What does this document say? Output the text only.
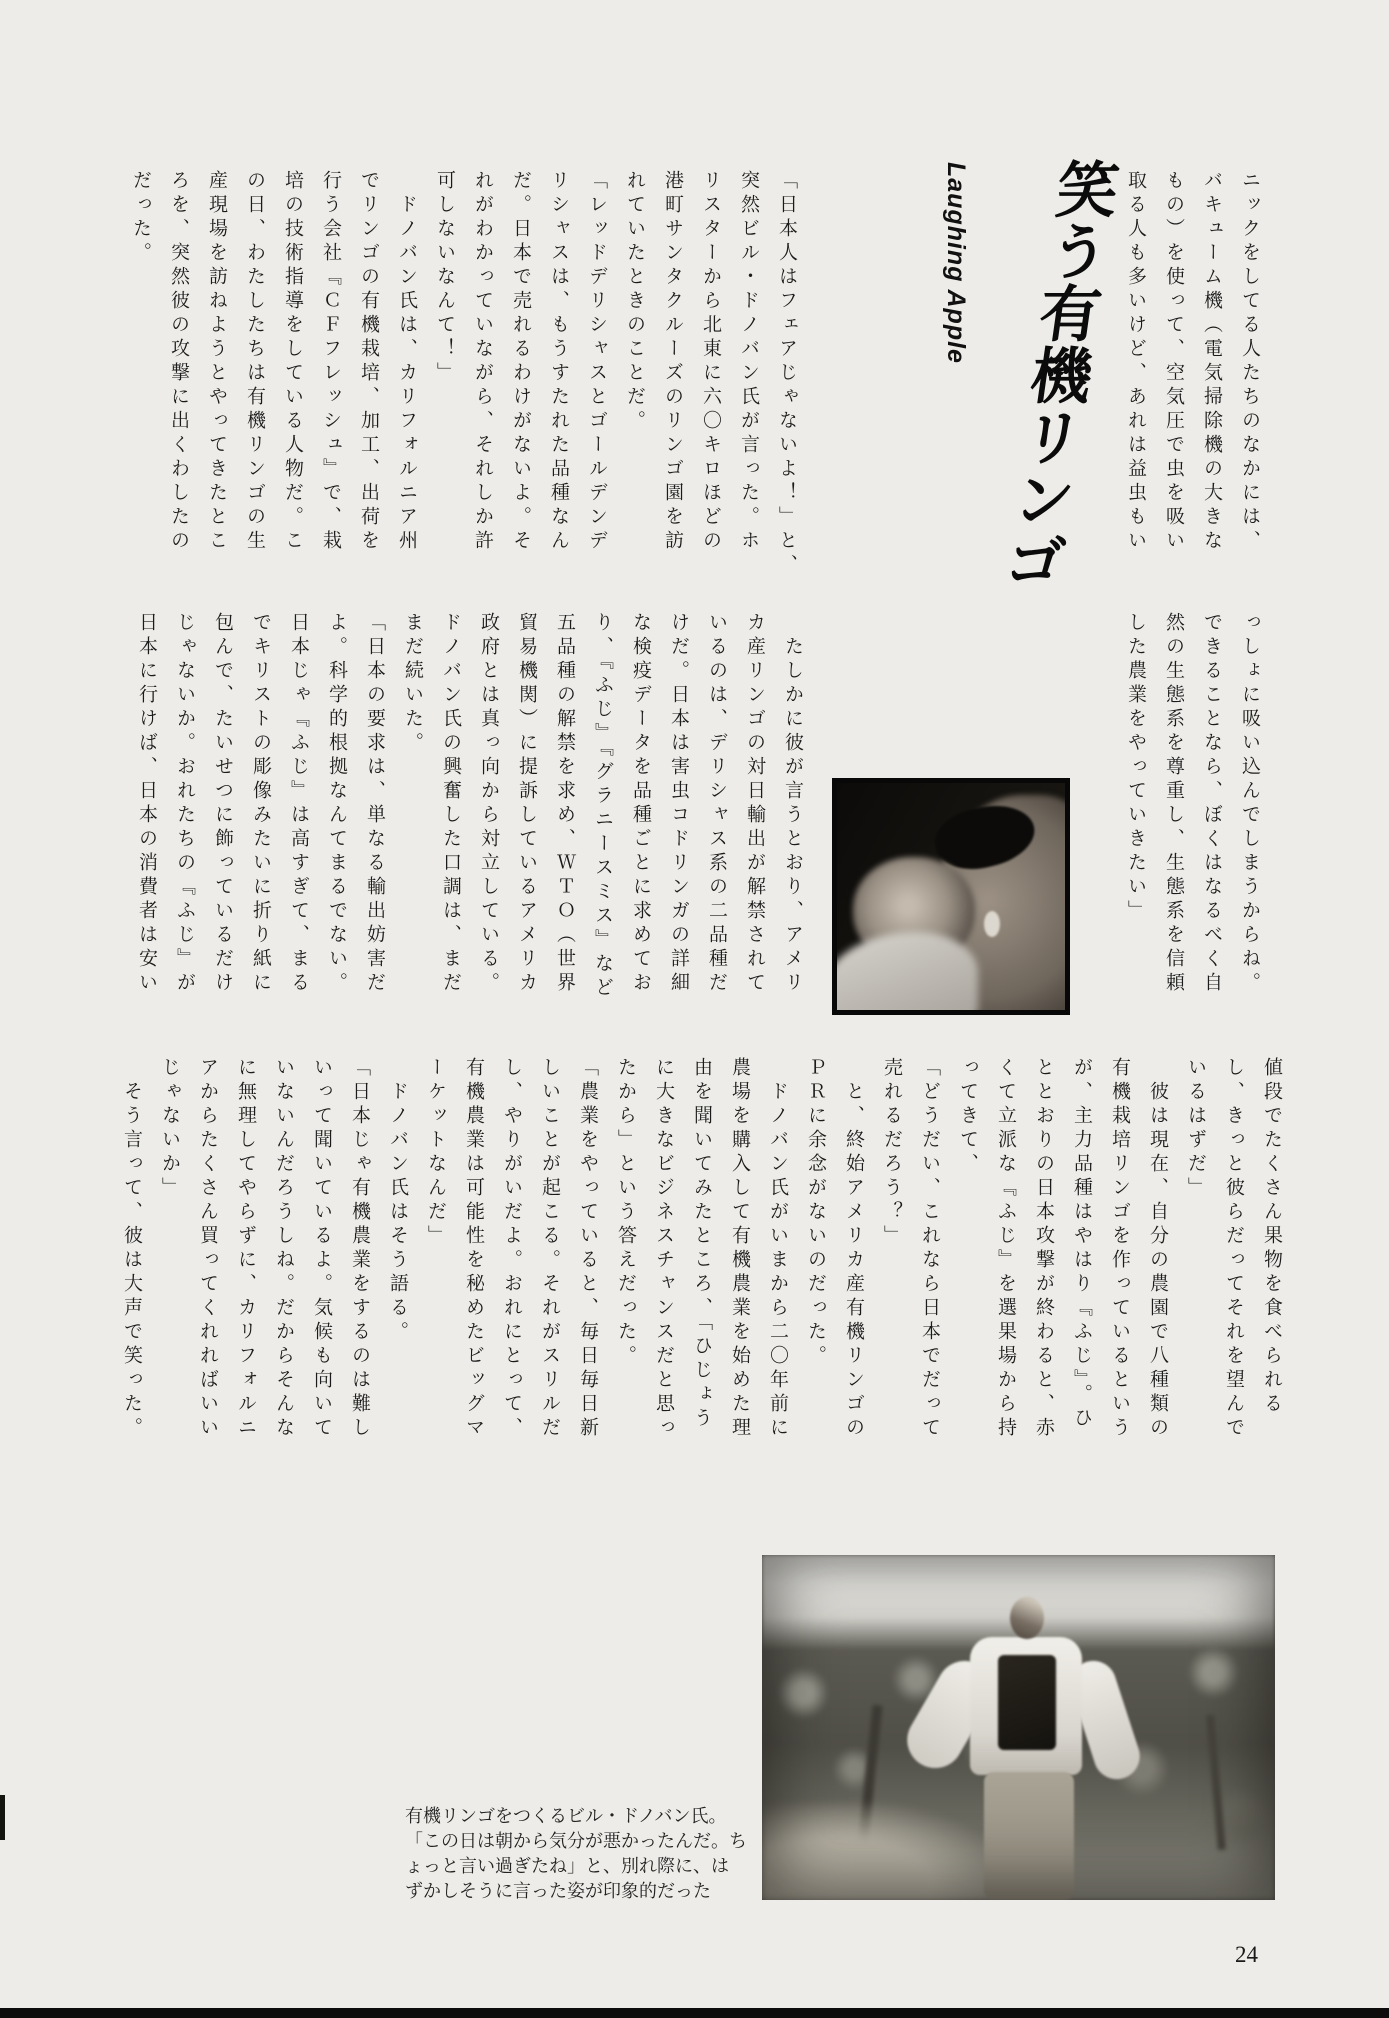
ニックをしてる人たちのなかには、
バキューム機（電気掃除機の大きな
もの）を使って、空気圧で虫を吸い
取る人も多いけど、あれは益虫もい
笑う有機リンゴ
Laughing Apple
「日本人はフェアじゃないよ！」と、
突然ビル・ドノバン氏が言った。ホ
リスターから北東に六〇キロほどの
港町サンタクルーズのリンゴ園を訪
れていたときのことだ。
「レッドデリシャスとゴールデンデ
リシャスは、もうすたれた品種なん
だ。日本で売れるわけがないよ。そ
れがわかっていながら、それしか許
可しないなんて！」
　ドノバン氏は、カリフォルニア州
でリンゴの有機栽培、加工、出荷を
行う会社『ＣＦフレッシュ』で、栽
培の技術指導をしている人物だ。こ
の日、わたしたちは有機リンゴの生
産現場を訪ねようとやってきたとこ
ろを、突然彼の攻撃に出くわしたの
だった。
っしょに吸い込んでしまうからね。
できることなら、ぼくはなるべく自
然の生態系を尊重し、生態系を信頼
した農業をやっていきたい」
　たしかに彼が言うとおり、アメリ
カ産リンゴの対日輸出が解禁されて
いるのは、デリシャス系の二品種だ
けだ。日本は害虫コドリンガの詳細
な検疫データを品種ごとに求めてお
り、『ふじ』『グラニースミス』など
五品種の解禁を求め、ＷＴＯ（世界
貿易機関）に提訴しているアメリカ
政府とは真っ向から対立している。
ドノバン氏の興奮した口調は、まだ
まだ続いた。
「日本の要求は、単なる輸出妨害だ
よ。科学的根拠なんてまるでない。
日本じゃ『ふじ』は高すぎて、まる
でキリストの彫像みたいに折り紙に
包んで、たいせつに飾っているだけ
じゃないか。おれたちの『ふじ』が
日本に行けば、日本の消費者は安い
値段でたくさん果物を食べられる
し、きっと彼らだってそれを望んで
いるはずだ」
　彼は現在、自分の農園で八種類の
有機栽培リンゴを作っているという
が、主力品種はやはり『ふじ』。ひ
ととおりの日本攻撃が終わると、赤
くて立派な『ふじ』を選果場から持
ってきて、
「どうだい、これなら日本でだって
売れるだろう？」
　と、終始アメリカ産有機リンゴの
ＰＲに余念がないのだった。
　ドノバン氏がいまから二〇年前に
農場を購入して有機農業を始めた理
由を聞いてみたところ、「ひじょう
に大きなビジネスチャンスだと思っ
たから」という答えだった。
「農業をやっていると、毎日毎日新
しいことが起こる。それがスリルだ
し、やりがいだよ。おれにとって、
有機農業は可能性を秘めたビッグマ
ーケットなんだ」
　ドノバン氏はそう語る。
「日本じゃ有機農業をするのは難し
いって聞いているよ。気候も向いて
いないんだろうしね。だからそんな
に無理してやらずに、カリフォルニ
アからたくさん買ってくれればいい
じゃないか」
　そう言って、彼は大声で笑った。
有機リンゴをつくるビル・ドノバン氏。
「この日は朝から気分が悪かったんだ。ち
ょっと言い過ぎたね」と、別れ際に、は
ずかしそうに言った姿が印象的だった
24
